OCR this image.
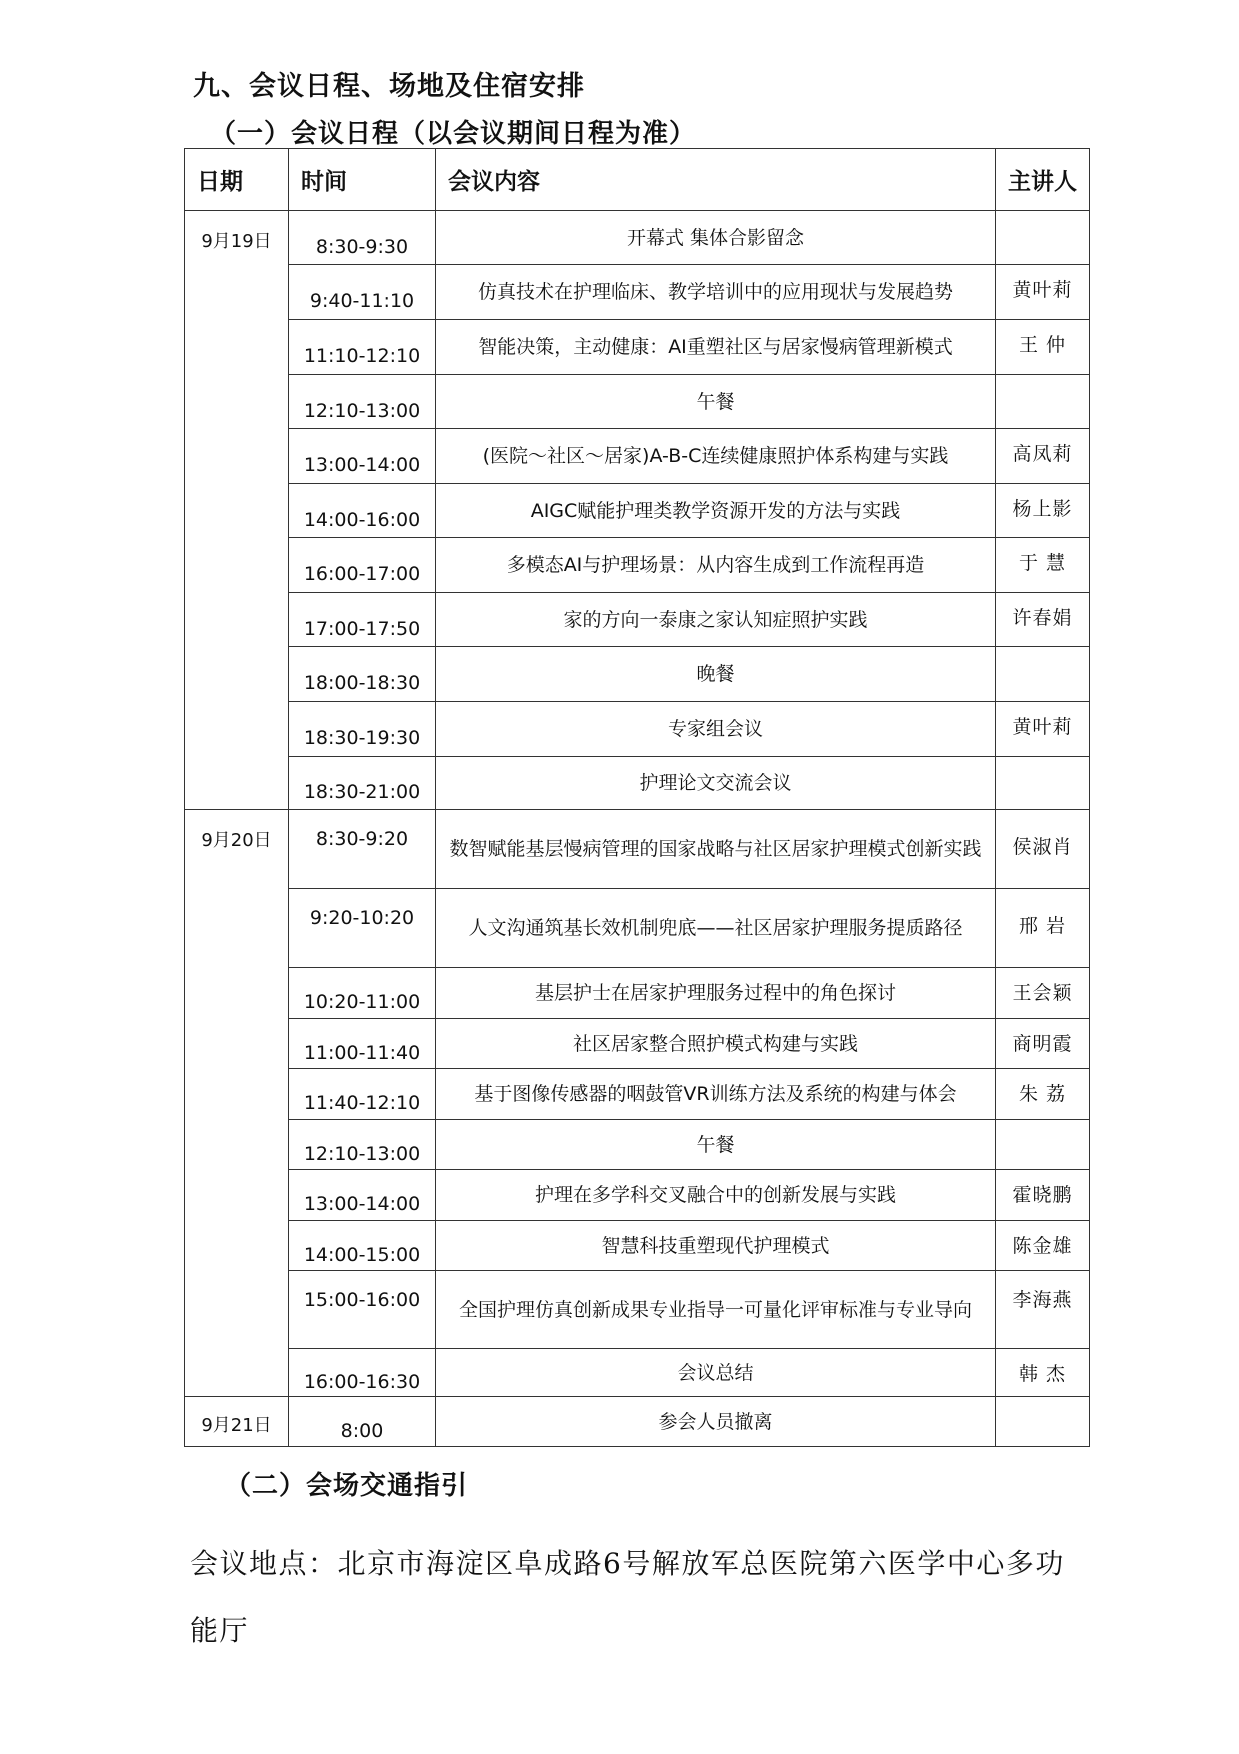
九、会议日程、场地及住宿安排
（一）会议日程（以会议期间日程为准）
日期	时间	会议内容	主讲人
9月19日	8:30-9:30	开幕式 集体合影留念	
	9:40-11:10	仿真技术在护理临床、教学培训中的应用现状与发展趋势	黄叶莉
	11:10-12:10	智能决策，主动健康：AI重塑社区与居家慢病管理新模式	王 仲
	12:10-13:00	午餐	
	13:00-14:00	(医院～社区～居家)A-B-C连续健康照护体系构建与实践	高凤莉
	14:00-16:00	AIGC赋能护理类教学资源开发的方法与实践	杨上影
	16:00-17:00	多模态AI与护理场景：从内容生成到工作流程再造	于 慧
	17:00-17:50	家的方向一泰康之家认知症照护实践	许春娟
	18:00-18:30	晚餐	
	18:30-19:30	专家组会议	黄叶莉
	18:30-21:00	护理论文交流会议	
9月20日	8:30-9:20	数智赋能基层慢病管理的国家战略与社区居家护理模式创新实践	侯淑肖
	9:20-10:20	人文沟通筑基长效机制兜底——社区居家护理服务提质路径	邢 岩
	10:20-11:00	基层护士在居家护理服务过程中的角色探讨	王会颖
	11:00-11:40	社区居家整合照护模式构建与实践	商明霞
	11:40-12:10	基于图像传感器的咽鼓管VR训练方法及系统的构建与体会	朱 荔
	12:10-13:00	午餐	
	13:00-14:00	护理在多学科交叉融合中的创新发展与实践	霍晓鹏
	14:00-15:00	智慧科技重塑现代护理模式	陈金雄
	15:00-16:00	全国护理仿真创新成果专业指导一可量化评审标准与专业导向	李海燕
	16:00-16:30	会议总结	韩 杰
9月21日	8:00	参会人员撤离	
（二）会场交通指引
会议地点：北京市海淀区阜成路6号解放军总医院第六医学中心多功能厅
